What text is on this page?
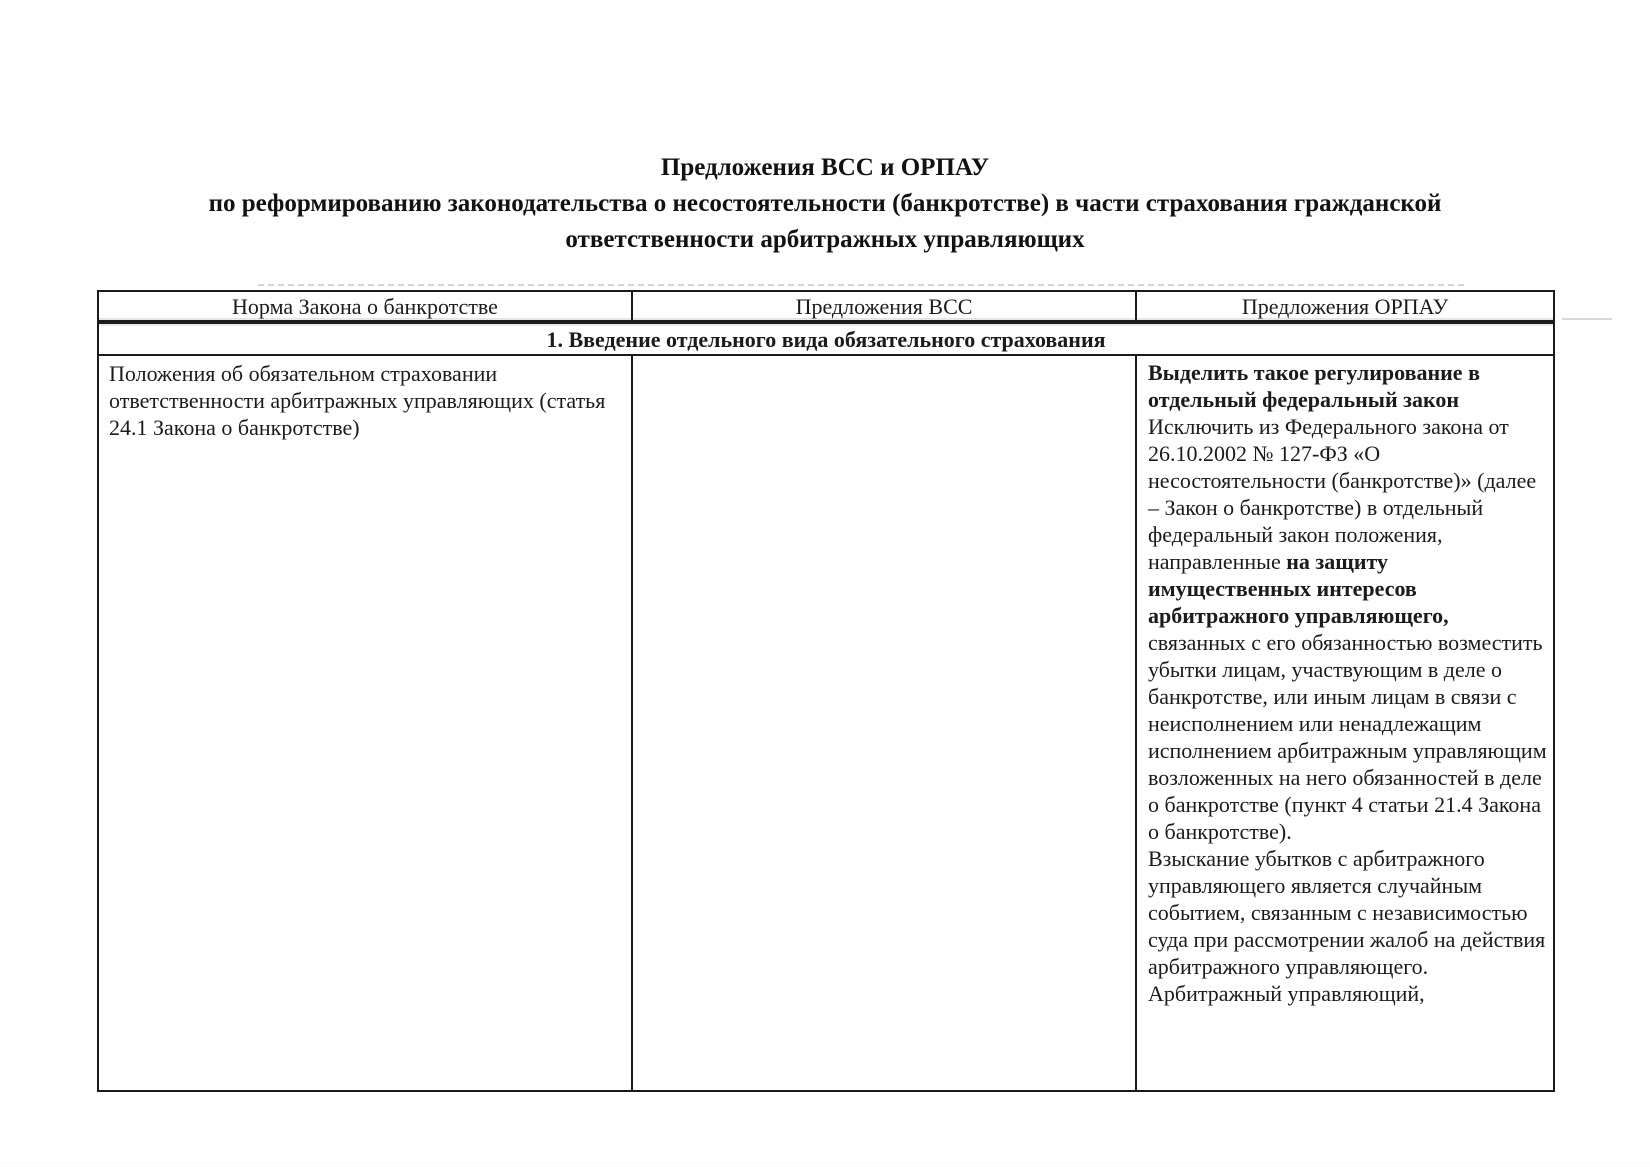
Предложения ВСС и ОРПАУ
по реформированию законодательства о несостоятельности (банкротстве) в части страхования гражданской
ответственности арбитражных управляющих
Норма Закона о банкротстве	Предложения ВСС	Предложения ОРПАУ
1. Введение отдельного вида обязательного страхования		
Положения об обязательном страховании ответственности арбитражных управляющих (статья 24.1 Закона о банкротстве)		Выделить такое регулирование в отдельный федеральный закон
Исключить из Федерального закона от 26.10.2002 № 127-ФЗ «О несостоятельности (банкротстве)» (далее – Закон о банкротстве) в отдельный федеральный закон положения, направленные на защиту имущественных интересов арбитражного управляющего, связанных с его обязанностью возместить убытки лицам, участвующим в деле о банкротстве, или иным лицам в связи с неисполнением или ненадлежащим исполнением арбитражным управляющим возложенных на него обязанностей в деле о банкротстве (пункт 4 статьи 21.4 Закона о банкротстве).
Взыскание убытков с арбитражного управляющего является случайным событием, связанным с независимостью суда при рассмотрении жалоб на действия арбитражного управляющего.
Арбитражный управляющий,
